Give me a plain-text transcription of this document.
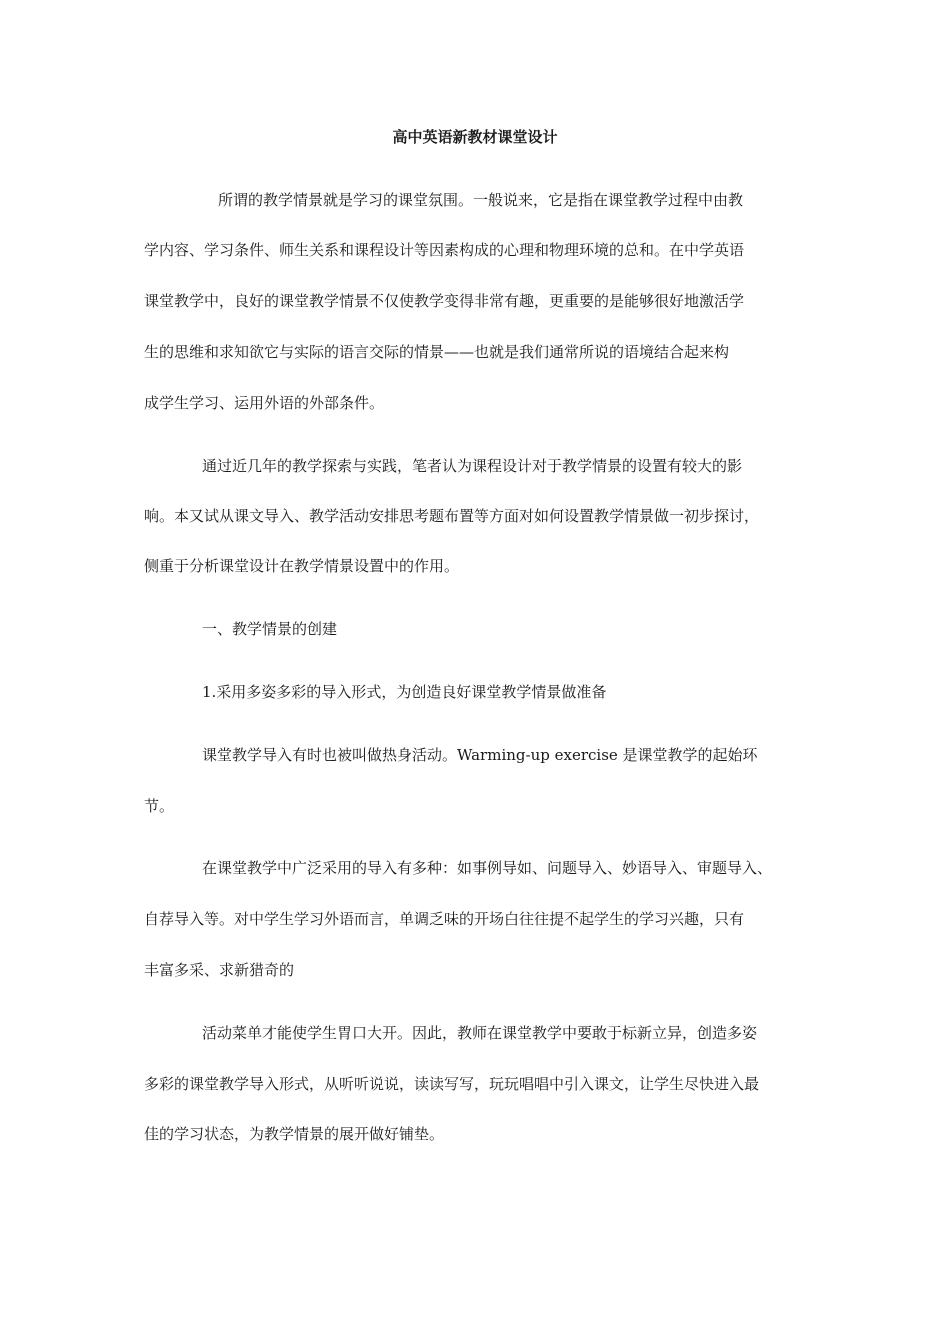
高中英语新教材课堂设计

所谓的教学情景就是学习的课堂氛围。一般说来，它是指在课堂教学过程中由教

学内容、学习条件、师生关系和课程设计等因素构成的心理和物理环境的总和。在中学英语

课堂教学中，良好的课堂教学情景不仅使教学变得非常有趣，更重要的是能够很好地激活学

生的思维和求知欲它与实际的语言交际的情景——也就是我们通常所说的语境结合起来构

成学生学习、运用外语的外部条件。

通过近几年的教学探索与实践，笔者认为课程设计对于教学情景的设置有较大的影

响。本又试从课文导入、教学活动安排思考题布置等方面对如何设置教学情景做一初步探讨，

侧重于分析课堂设计在教学情景设置中的作用。

一、教学情景的创建

1.采用多姿多彩的导入形式，为创造良好课堂教学情景做准备

课堂教学导入有时也被叫做热身活动。Warming-up exercise 是课堂教学的起始环

节。

在课堂教学中广泛采用的导入有多种：如事例导如、问题导入、妙语导入、审题导入、

自荐导入等。对中学生学习外语而言，单调乏味的开场白往往提不起学生的学习兴趣，只有

丰富多采、求新猎奇的

活动菜单才能使学生胃口大开。因此，教师在课堂教学中要敢于标新立异，创造多姿

多彩的课堂教学导入形式，从听听说说，读读写写，玩玩唱唱中引入课文，让学生尽快进入最

佳的学习状态，为教学情景的展开做好铺垫。
